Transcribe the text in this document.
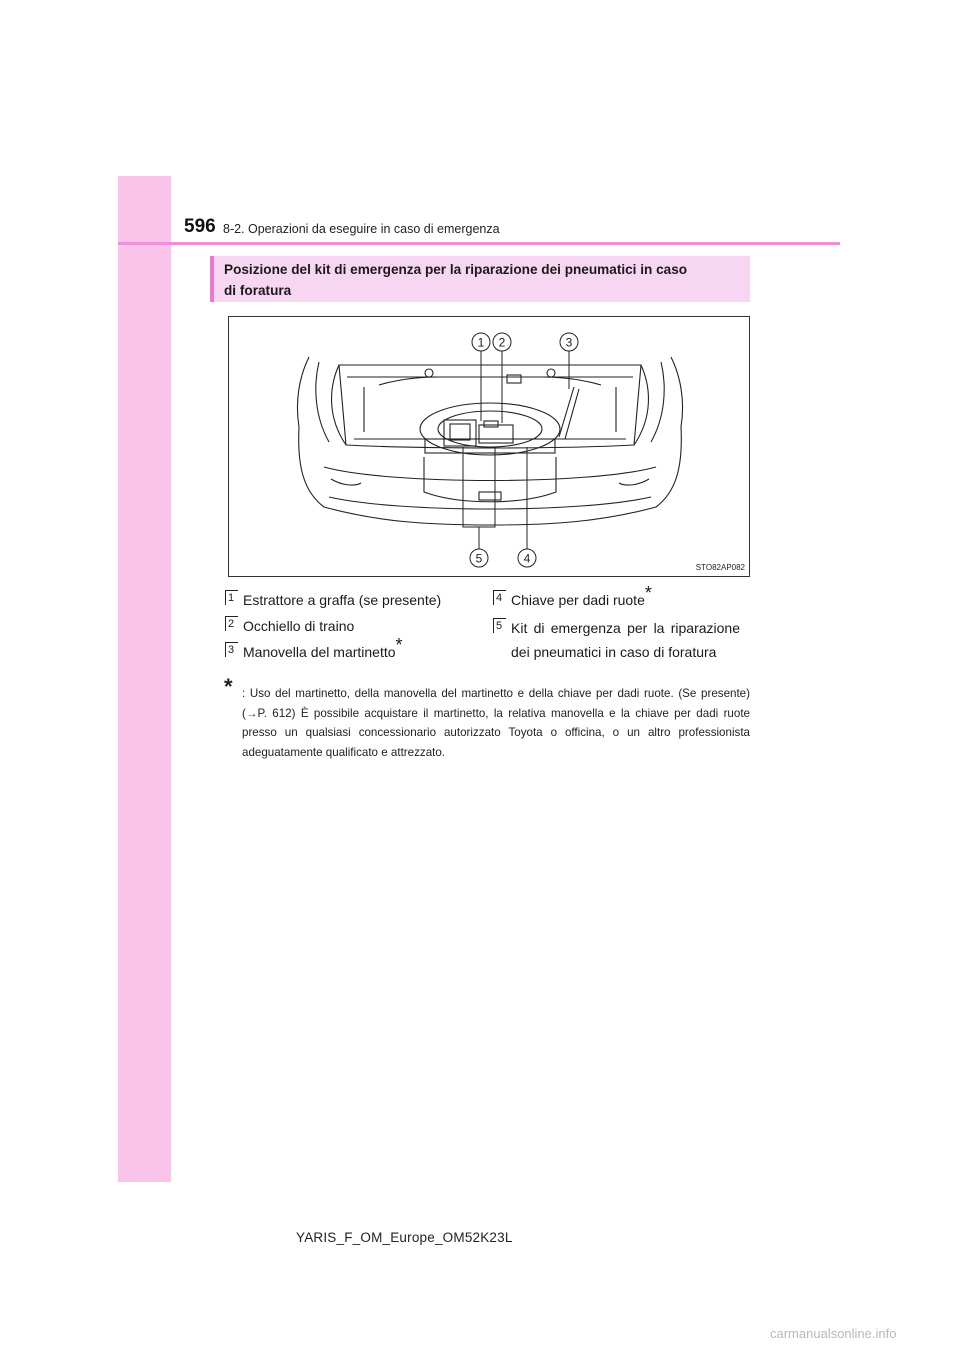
596 8-2. Operazioni da eseguire in caso di emergenza
Posizione del kit di emergenza per la riparazione dei pneumatici in caso
di foratura
1 2	3
5	4
STO82AP082
1 Estrattore a graffa (se presente)
2 Occhiello di traino
3 Manovella del martinetto*
4 Chiave per dadi ruote*
5 Kit di emergenza per la riparazione dei pneumatici in caso di foratura
* : Uso del martinetto, della manovella del martinetto e della chiave per dadi ruote. (Se presente) (→P. 612) È possibile acquistare il martinetto, la relativa manovella e la chiave per dadi ruote presso un qualsiasi concessionario autorizzato Toyota o officina, o un altro professionista adeguatamente qualificato e attrezzato.
YARIS_F_OM_Europe_OM52K23L
carmanualsonline.info
